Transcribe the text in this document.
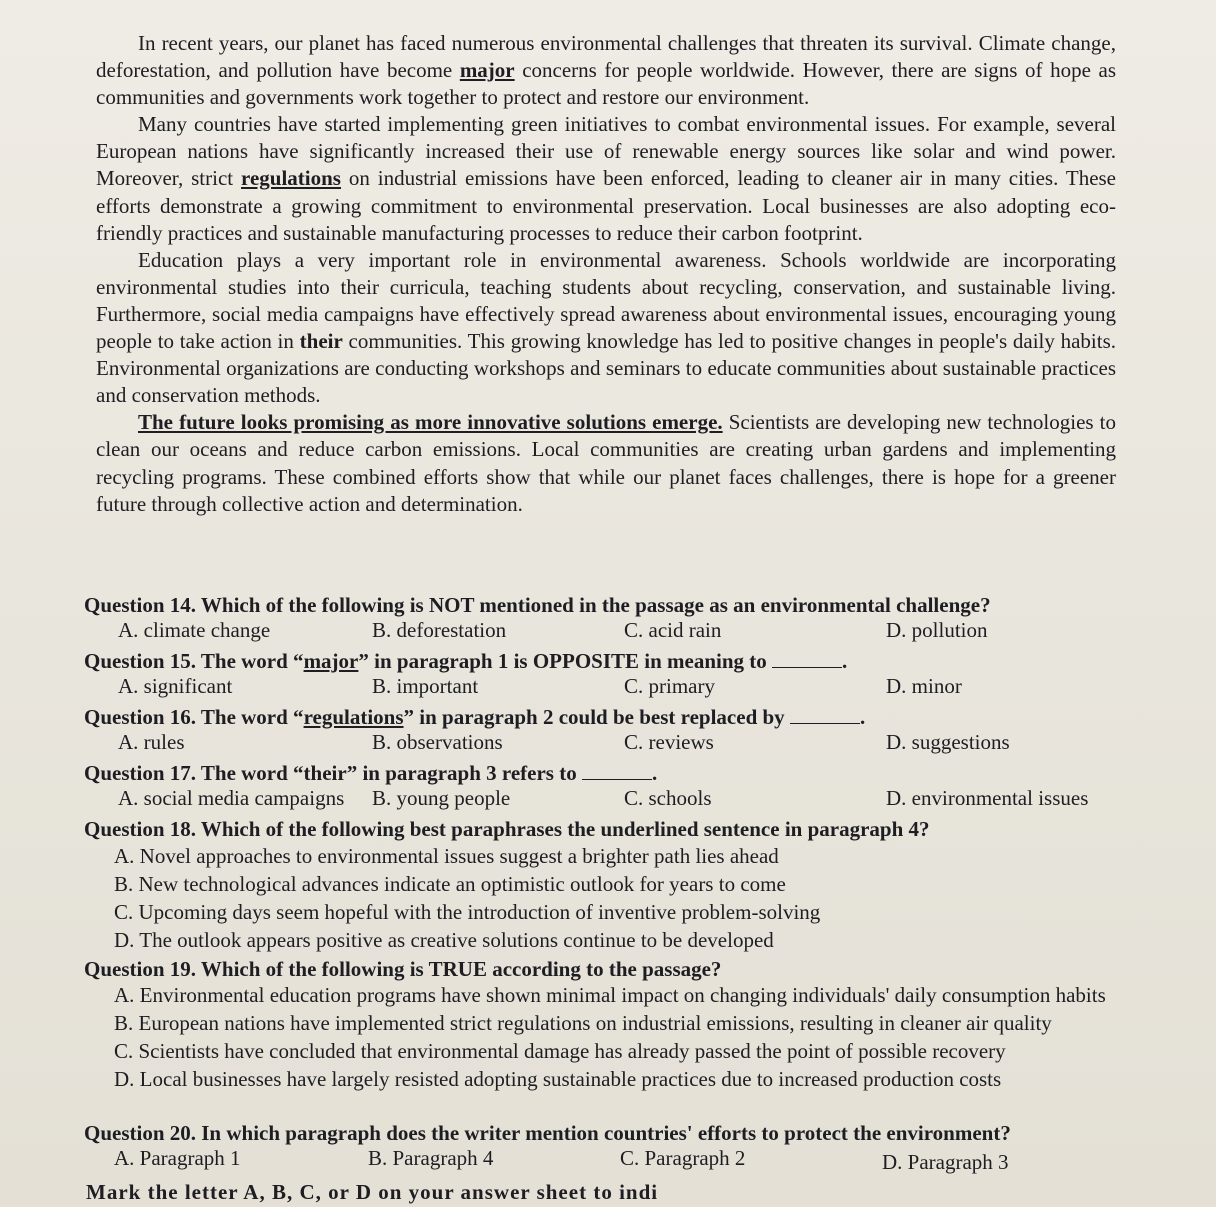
In recent years, our planet has faced numerous environmental challenges that threaten its survival. Climate change, deforestation, and pollution have become major concerns for people worldwide. However, there are signs of hope as communities and governments work together to protect and restore our environment.

Many countries have started implementing green initiatives to combat environmental issues. For example, several European nations have significantly increased their use of renewable energy sources like solar and wind power. Moreover, strict regulations on industrial emissions have been enforced, leading to cleaner air in many cities. These efforts demonstrate a growing commitment to environmental preservation. Local businesses are also adopting eco-friendly practices and sustainable manufacturing processes to reduce their carbon footprint.

Education plays a very important role in environmental awareness. Schools worldwide are incorporating environmental studies into their curricula, teaching students about recycling, conservation, and sustainable living. Furthermore, social media campaigns have effectively spread awareness about environmental issues, encouraging young people to take action in their communities. This growing knowledge has led to positive changes in people's daily habits. Environmental organizations are conducting workshops and seminars to educate communities about sustainable practices and conservation methods.

The future looks promising as more innovative solutions emerge. Scientists are developing new technologies to clean our oceans and reduce carbon emissions. Local communities are creating urban gardens and implementing recycling programs. These combined efforts show that while our planet faces challenges, there is hope for a greener future through collective action and determination.

Question 14. Which of the following is NOT mentioned in the passage as an environmental challenge?

A. climate change	B. deforestation	C. acid rain	D. pollution

Question 15. The word “major” in paragraph 1 is OPPOSITE in meaning to	.

A. significant	B. important	C. primary	D. minor

Question 16. The word “regulations” in paragraph 2 could be best replaced by	.

A. rules	B. observations	C. reviews	D. suggestions

Question 17. The word “their” in paragraph 3 refers to	.

A. social media campaigns B. young people	C. schools	D. environmental issues

Question 18. Which of the following best paraphrases the underlined sentence in paragraph 4?

A. Novel approaches to environmental issues suggest a brighter path lies ahead

B. New technological advances indicate an optimistic outlook for years to come

C. Upcoming days seem hopeful with the introduction of inventive problem-solving

D. The outlook appears positive as creative solutions continue to be developed

Question 19. Which of the following is TRUE according to the passage?

A. Environmental education programs have shown minimal impact on changing individuals' daily consumption habits

B. European nations have implemented strict regulations on industrial emissions, resulting in cleaner air quality

C. Scientists have concluded that environmental damage has already passed the point of possible recovery

D. Local businesses have largely resisted adopting sustainable practices due to increased production costs

Question 20. In which paragraph does the writer mention countries' efforts to protect the environment?

A. Paragraph 1	B. Paragraph 4	C. Paragraph 2	D. Paragraph 3
Mark the letter A, B, C, or D on your answer sheet to indi
